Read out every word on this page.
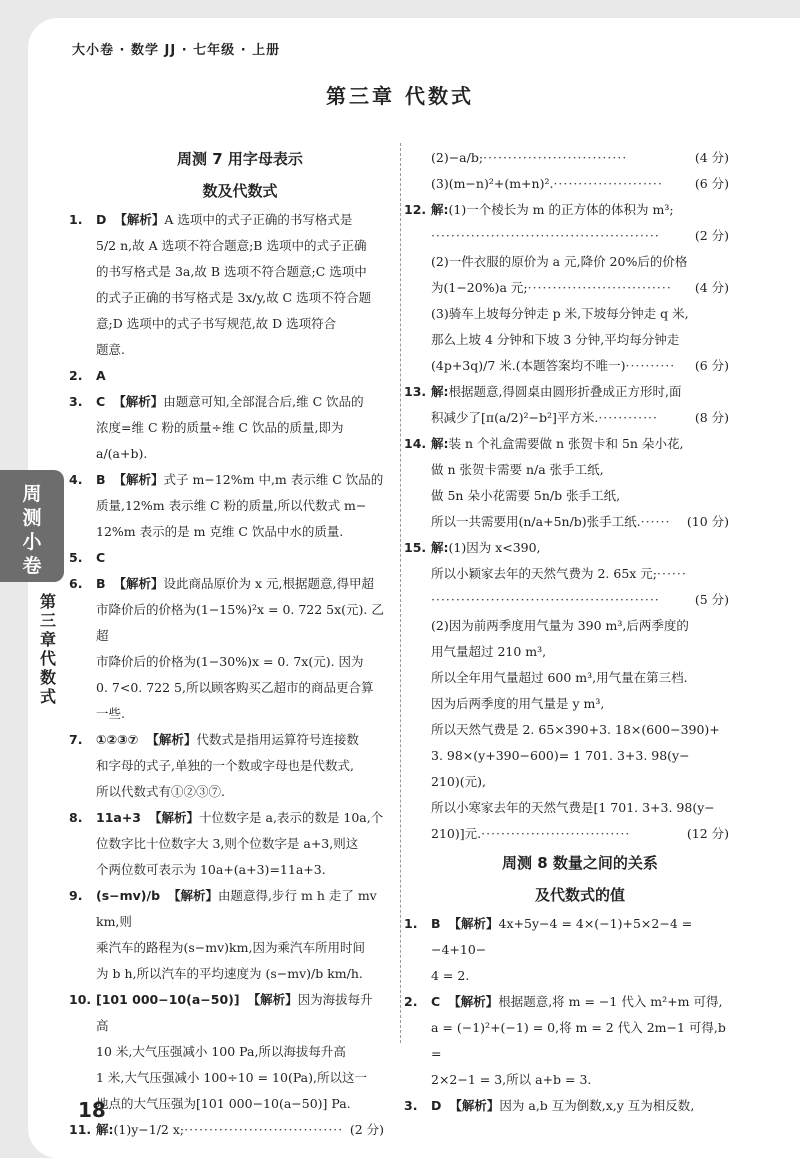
大小卷 · 数学 JJ · 七年级 · 上册
第三章 代数式
周测小卷
第三章 代数式
18
周测 7 用字母表示
数及代数式

1.	D 【解析】A 选项中的式子正确的书写格式是

5/2 n,故 A 选项不符合题意;B 选项中的式子正确

的书写格式是 3a,故 B 选项不符合题意;C 选项中

的式子正确的书写格式是 3x/y,故 C 选项不符合题

意;D 选项中的式子书写规范,故 D 选项符合

题意.

2.	A

3.	C 【解析】由题意可知,全部混合后,维 C 饮品的

浓度=维 C 粉的质量÷维 C 饮品的质量,即为 a/(a+b).

4.	B 【解析】式子 m−12%m 中,m 表示维 C 饮品的

质量,12%m 表示维 C 粉的质量,所以代数式 m−

12%m 表示的是 m 克维 C 饮品中水的质量.

5.	C

6.	B 【解析】设此商品原价为 x 元,根据题意,得甲超

市降价后的价格为(1−15%)²x = 0. 722 5x(元). 乙超

市降价后的价格为(1−30%)x = 0. 7x(元). 因为

0. 7<0. 722 5,所以顾客购买乙超市的商品更合算

一些.

7.	①②③⑦ 【解析】代数式是指用运算符号连接数

和字母的式子,单独的一个数或字母也是代数式,

所以代数式有①②③⑦.

8.	11a+3 【解析】十位数字是 a,表示的数是 10a,个

位数字比十位数字大 3,则个位数字是 a+3,则这

个两位数可表示为 10a+(a+3)=11a+3.

9.	(s−mv)/b 【解析】由题意得,步行 m h 走了 mv km,则

乘汽车的路程为(s−mv)km,因为乘汽车所用时间

为 b h,所以汽车的平均速度为 (s−mv)/b km/h.

10. [101 000−10(a−50)] 【解析】因为海拔每升高

10 米,大气压强减小 100 Pa,所以海拔每升高

1 米,大气压强减小 100÷10 = 10(Pa),所以这一

地点的大气压强为[101 000−10(a−50)] Pa.

11. 解:(1)y−1/2 x;································ (2 分)

(2)−a/b;·····························	(4 分)

(3)(m−n)²+(m+n)².······················	(6 分)

12. 解:(1)一个棱长为 m 的正方体的体积为 m³;

··············································	(2 分)

(2)一件衣服的原价为 a 元,降价 20%后的价格

为(1−20%)a 元;····························· (4 分)

(3)骑车上坡每分钟走 p 米,下坡每分钟走 q 米,

那么上坡 4 分钟和下坡 3 分钟,平均每分钟走

(4p+3q)/7 米.(本题答案均不唯一)·········· (6 分)

13. 解:根据题意,得圆桌由圆形折叠成正方形时,面

积减少了[π(a/2)²−b²]平方米.············	(8 分)

14. 解:装 n 个礼盒需要做 n 张贺卡和 5n 朵小花,

做 n 张贺卡需要 n/a 张手工纸,

做 5n 朵小花需要 5n/b 张手工纸,

所以一共需要用(n/a+5n/b)张手工纸.······ (10 分)

15. 解:(1)因为 x<390,

所以小颖家去年的天然气费为 2. 65x 元;······

··············································	(5 分)

(2)因为前两季度用气量为 390 m³,后两季度的

用气量超过 210 m³,

所以全年用气量超过 600 m³,用气量在第三档.

因为后两季度的用气量是 y m³,

所以天然气费是 2. 65×390+3. 18×(600−390)+

3. 98×(y+390−600)= 1 701. 3+3. 98(y−

210)(元),

所以小寒家去年的天然气费是[1 701. 3+3. 98(y−

210)]元.······························	(12 分)

周测 8 数量之间的关系
及代数式的值

1.	B 【解析】4x+5y−4 = 4×(−1)+5×2−4 = −4+10−

4 = 2.

2.	C 【解析】根据题意,将 m = −1 代入 m²+m 可得,

a = (−1)²+(−1) = 0,将 m = 2 代入 2m−1 可得,b =

2×2−1 = 3,所以 a+b = 3.

3.	D 【解析】因为 a,b 互为倒数,x,y 互为相反数,
